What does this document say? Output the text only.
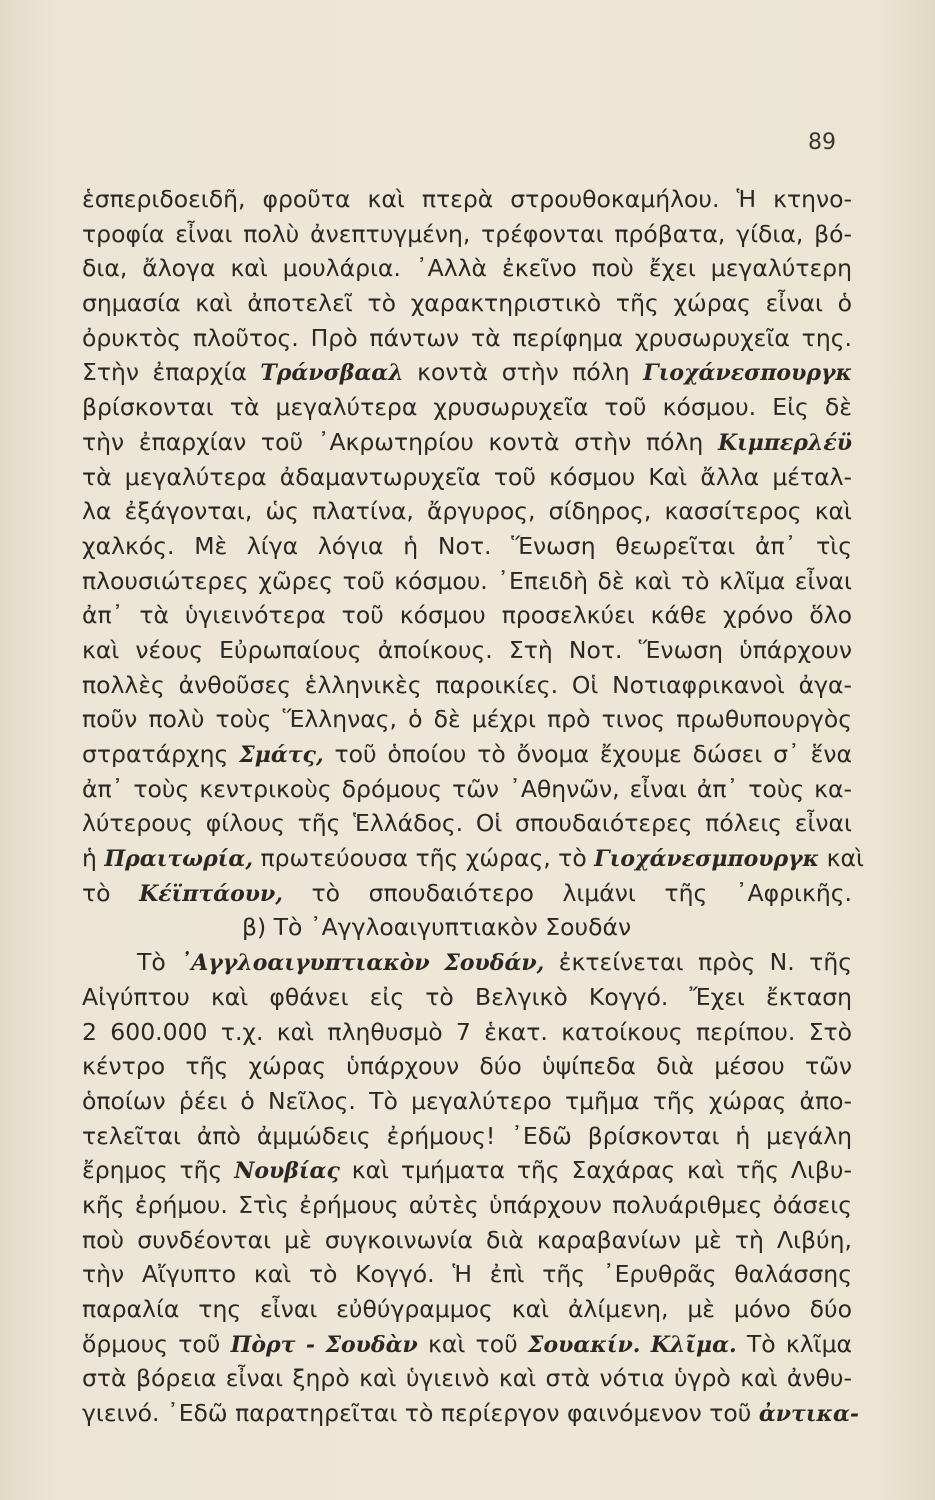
89
ἑσπεριδοειδῆ, φροῦτα καὶ πτερὰ στρουθοκαμήλου. Ἡ κτηνο-
τροφία εἶναι πολὺ ἀνεπτυγμένη, τρέφονται πρόβατα, γίδια, βό-
δια, ἄλογα καὶ μουλάρια. ᾿Αλλὰ ἐκεῖνο ποὺ ἔχει μεγαλύτερη
σημασία καὶ ἀποτελεῖ τὸ χαρακτηριστικὸ τῆς χώρας εἶναι ὁ
ὀρυκτὸς πλοῦτος. Πρὸ πάντων τὰ περίφημα χρυσωρυχεῖα της.
Στὴν ἐπαρχία Τράνσβααλ κοντὰ στὴν πόλη Γιοχάνεσπουργκ
βρίσκονται τὰ μεγαλύτερα χρυσωρυχεῖα τοῦ κόσμου. Εἰς δὲ
τὴν ἐπαρχίαν τοῦ ᾿Ακρωτηρίου κοντὰ στὴν πόλη Κιμπερλέϋ
τὰ μεγαλύτερα ἀδαμαντωρυχεῖα τοῦ κόσμου Καὶ ἄλλα μέταλ-
λα ἐξάγονται, ὡς πλατίνα, ἄργυρος, σίδηρος, κασσίτερος καὶ
χαλκός. Μὲ λίγα λόγια ἡ Νοτ. Ἕνωση θεωρεῖται ἀπ᾿ τὶς
πλουσιώτερες χῶρες τοῦ κόσμου. ᾿Επειδὴ δὲ καὶ τὸ κλῖμα εἶναι
ἀπ᾿ τὰ ὑγιεινότερα τοῦ κόσμου προσελκύει κάθε χρόνο ὅλο
καὶ νέους Εὐρωπαίους ἀποίκους. Στὴ Νοτ. Ἕνωση ὑπάρχουν
πολλὲς ἀνθοῦσες ἑλληνικὲς παροικίες. Οἱ Νοτιαφρικανοὶ ἀγα-
ποῦν πολὺ τοὺς Ἕλληνας, ὁ δὲ μέχρι πρὸ τινος πρωθυπουργὸς
στρατάρχης Σμάτς, τοῦ ὁποίου τὸ ὄνομα ἔχουμε δώσει σ᾿ ἕνα
ἀπ᾿ τοὺς κεντρικοὺς δρόμους τῶν ᾿Αθηνῶν, εἶναι ἀπ᾿ τοὺς κα-
λύτερους φίλους τῆς Ἑλλάδος. Οἱ σπουδαιότερες πόλεις εἶναι
ἡ Πραιτωρία, πρωτεύουσα τῆς χώρας, τὸ Γιοχάνεσμπουργκ καὶ
τὸ Κέϊπτάουν, τὸ σπουδαιότερο λιμάνι τῆς ᾿Αφρικῆς.
β) Τὸ ᾿Αγγλοαιγυπτιακὸν Σουδάν
Τὸ ᾿Αγγλοαιγυπτιακὸν Σουδάν, ἐκτείνεται πρὸς Ν. τῆς
Αἰγύπτου καὶ φθάνει εἰς τὸ Βελγικὸ Κογγό. Ἔχει ἔκταση
2 600.000 τ.χ. καὶ πληθυσμὸ 7 ἑκατ. κατοίκους περίπου. Στὸ
κέντρο τῆς χώρας ὑπάρχουν δύο ὑψίπεδα διὰ μέσου τῶν
ὁποίων ῥέει ὁ Νεῖλος. Τὸ μεγαλύτερο τμῆμα τῆς χώρας ἀπο-
τελεῖται ἀπὸ ἀμμώδεις ἐρήμους! ᾿Εδῶ βρίσκονται ἡ μεγάλη
ἔρημος τῆς Νουβίας καὶ τμήματα τῆς Σαχάρας καὶ τῆς Λιβυ-
κῆς ἐρήμου. Στὶς ἐρήμους αὐτὲς ὑπάρχουν πολυάριθμες ὀάσεις
ποὺ συνδέονται μὲ συγκοινωνία διὰ καραβανίων μὲ τὴ Λιβύη,
τὴν Αἴγυπτο καὶ τὸ Κογγό. Ἡ ἐπὶ τῆς ᾿Ερυθρᾶς θαλάσσης
παραλία της εἶναι εὐθύγραμμος καὶ ἀλίμενη, μὲ μόνο δύο
ὅρμους τοῦ Πὸρτ - Σουδὰν καὶ τοῦ Σουακίν. Κλῖμα. Τὸ κλῖμα
στὰ βόρεια εἶναι ξηρὸ καὶ ὑγιεινὸ καὶ στὰ νότια ὑγρὸ καὶ ἀνθυ-
γιεινό. ᾿Εδῶ παρατηρεῖται τὸ περίεργον φαινόμενον τοῦ ἀντικα-
